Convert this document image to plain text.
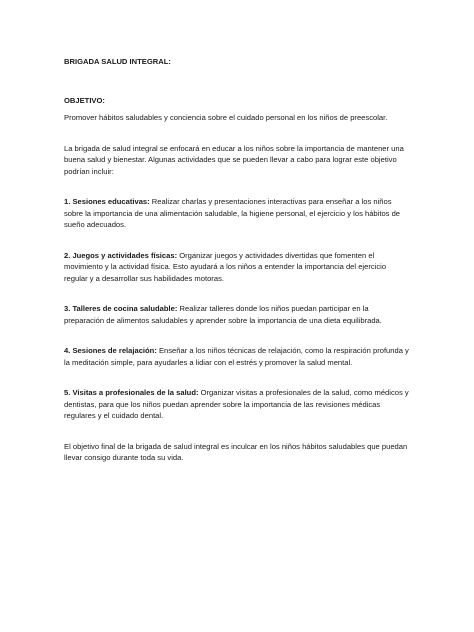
BRIGADA SALUD INTEGRAL:

OBJETIVO:

Promover hábitos saludables y conciencia sobre el cuidado personal en los niños de preescolar.

La brigada de salud integral se enfocará en educar a los niños sobre la importancia de mantener una buena salud y bienestar. Algunas actividades que se pueden llevar a cabo para lograr este objetivo podrían incluir:

1. Sesiones educativas: Realizar charlas y presentaciones interactivas para enseñar a los niños sobre la importancia de una alimentación saludable, la higiene personal, el ejercicio y los hábitos de sueño adecuados.

2. Juegos y actividades físicas: Organizar juegos y actividades divertidas que fomenten el movimiento y la actividad física. Esto ayudará a los niños a entender la importancia del ejercicio regular y a desarrollar sus habilidades motoras.

3. Talleres de cocina saludable: Realizar talleres donde los niños puedan participar en la preparación de alimentos saludables y aprender sobre la importancia de una dieta equilibrada.

4. Sesiones de relajación: Enseñar a los niños técnicas de relajación, como la respiración profunda y la meditación simple, para ayudarles a lidiar con el estrés y promover la salud mental.

5. Visitas a profesionales de la salud: Organizar visitas a profesionales de la salud, como médicos y dentistas, para que los niños puedan aprender sobre la importancia de las revisiones médicas regulares y el cuidado dental.

El objetivo final de la brigada de salud integral es inculcar en los niños hábitos saludables que puedan llevar consigo durante toda su vida.
